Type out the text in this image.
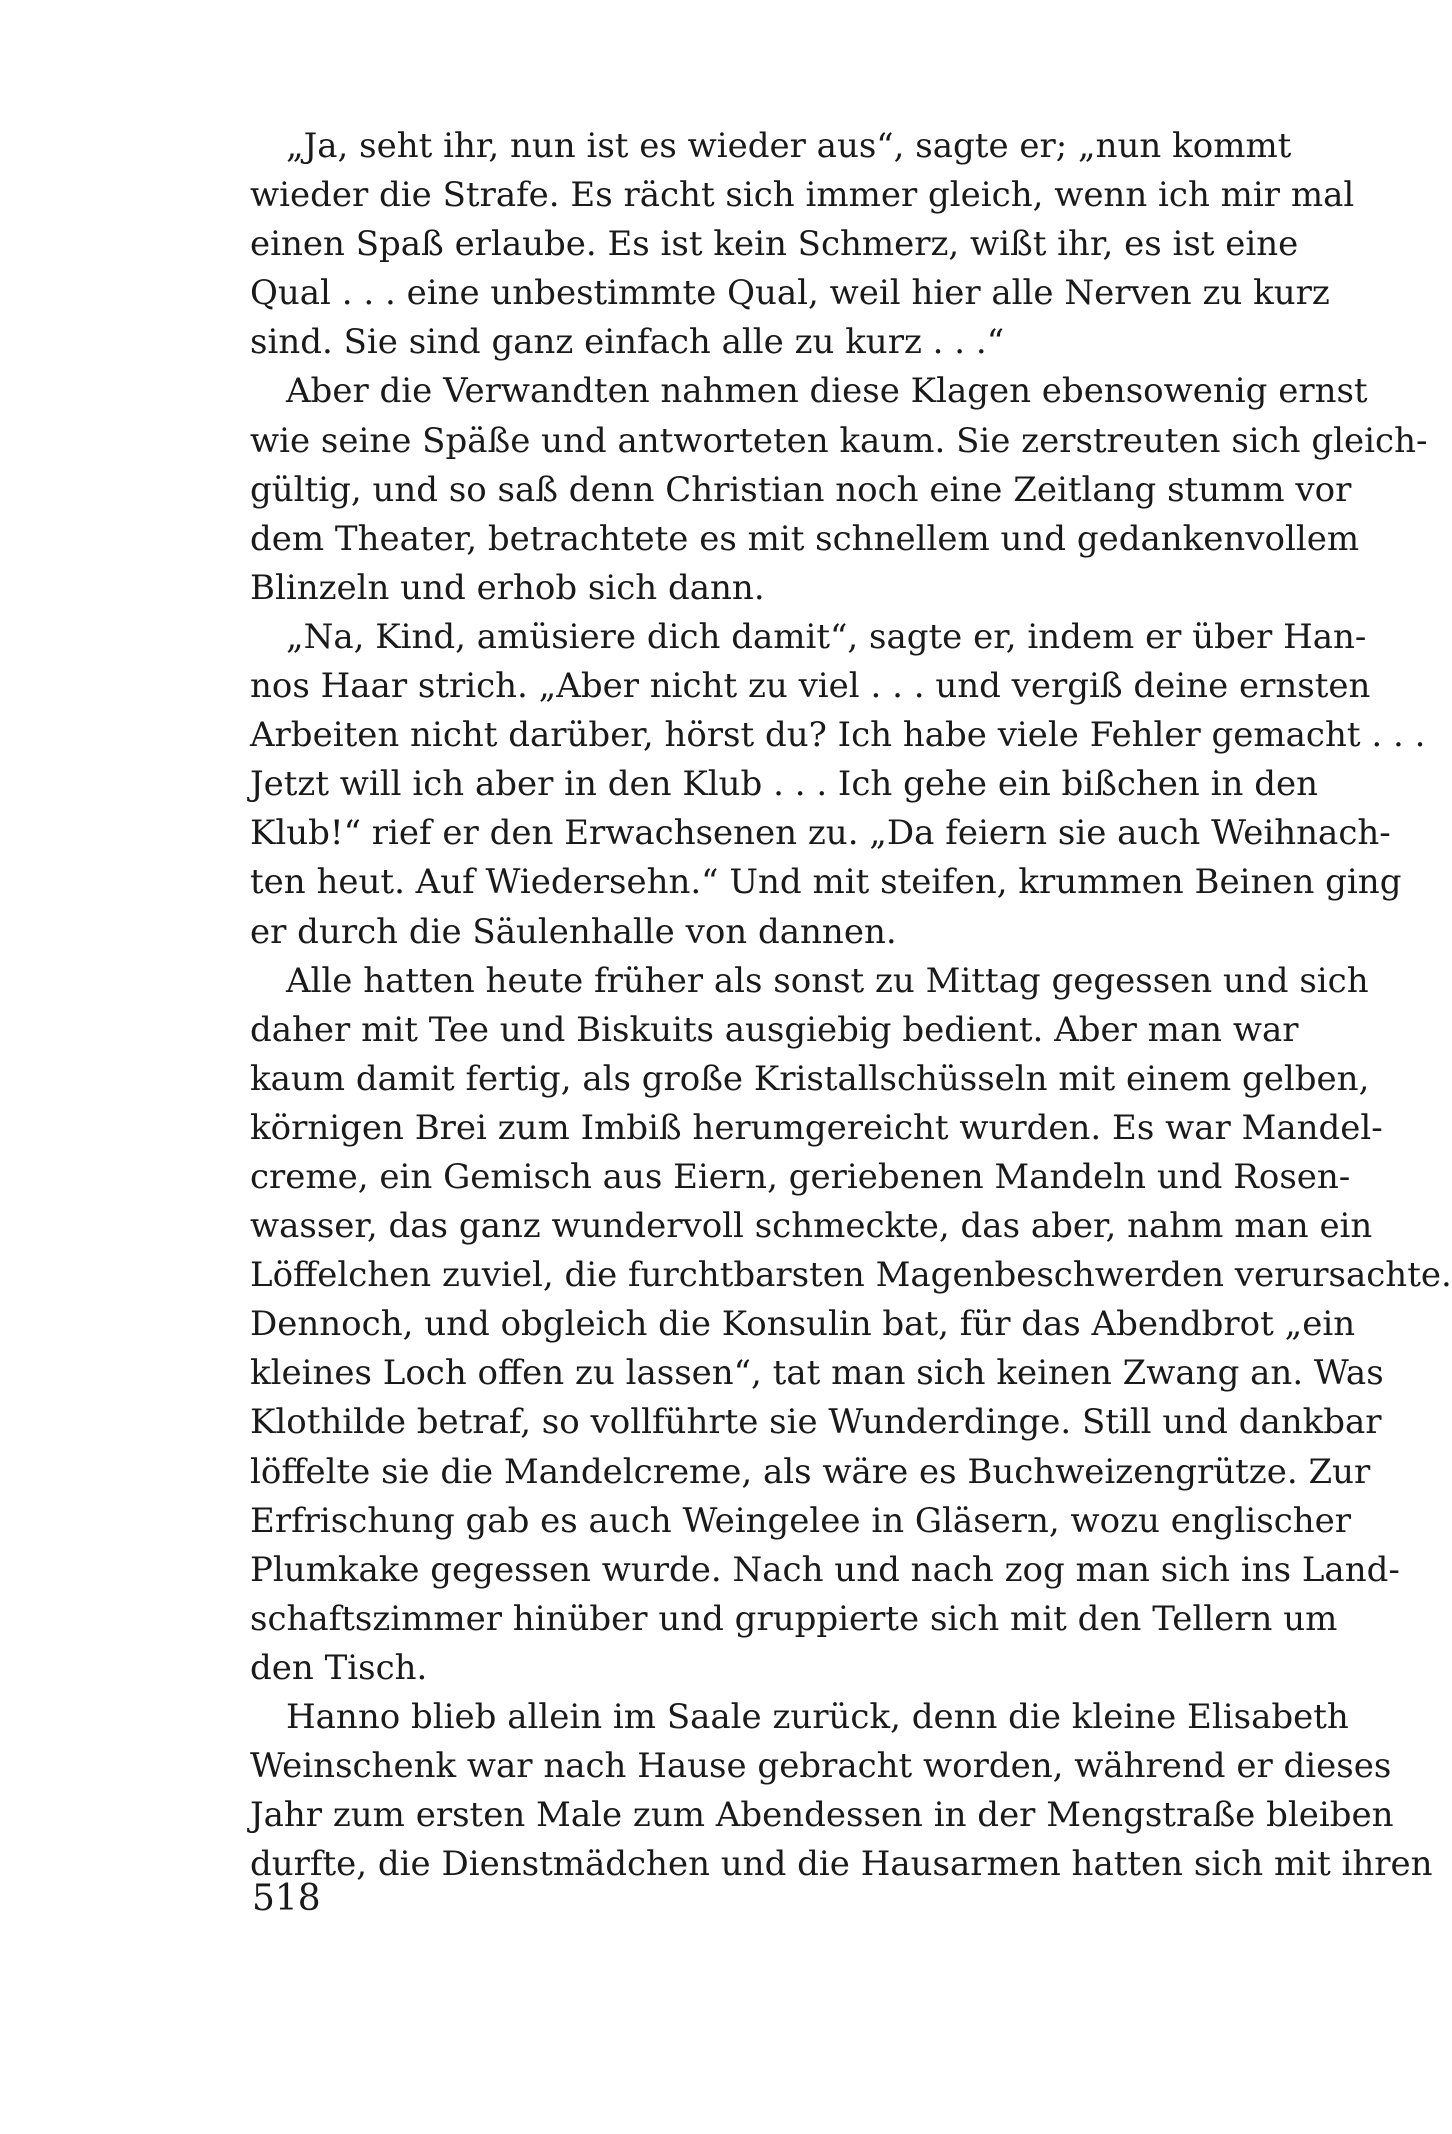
„Ja, seht ihr, nun ist es wieder aus“, sagte er; „nun kommt
wieder die Strafe. Es rächt sich immer gleich, wenn ich mir mal
einen Spaß erlaube. Es ist kein Schmerz, wißt ihr, es ist eine
Qual . . . eine unbestimmte Qual, weil hier alle Nerven zu kurz
sind. Sie sind ganz einfach alle zu kurz . . .“
Aber die Verwandten nahmen diese Klagen ebensowenig ernst
wie seine Späße und antworteten kaum. Sie zerstreuten sich gleich-
gültig, und so saß denn Christian noch eine Zeitlang stumm vor
dem Theater, betrachtete es mit schnellem und gedankenvollem
Blinzeln und erhob sich dann.
„Na, Kind, amüsiere dich damit“, sagte er, indem er über Han-
nos Haar strich. „Aber nicht zu viel . . . und vergiß deine ernsten
Arbeiten nicht darüber, hörst du? Ich habe viele Fehler gemacht . . .
Jetzt will ich aber in den Klub . . . Ich gehe ein bißchen in den
Klub!“ rief er den Erwachsenen zu. „Da feiern sie auch Weihnach-
ten heut. Auf Wiedersehn.“ Und mit steifen, krummen Beinen ging
er durch die Säulenhalle von dannen.
Alle hatten heute früher als sonst zu Mittag gegessen und sich
daher mit Tee und Biskuits ausgiebig bedient. Aber man war
kaum damit fertig, als große Kristallschüsseln mit einem gelben,
körnigen Brei zum Imbiß herumgereicht wurden. Es war Mandel-
creme, ein Gemisch aus Eiern, geriebenen Mandeln und Rosen-
wasser, das ganz wundervoll schmeckte, das aber, nahm man ein
Löffelchen zuviel, die furchtbarsten Magenbeschwerden verursachte.
Dennoch, und obgleich die Konsulin bat, für das Abendbrot „ein
kleines Loch offen zu lassen“, tat man sich keinen Zwang an. Was
Klothilde betraf, so vollführte sie Wunderdinge. Still und dankbar
löffelte sie die Mandelcreme, als wäre es Buchweizengrütze. Zur
Erfrischung gab es auch Weingelee in Gläsern, wozu englischer
Plumkake gegessen wurde. Nach und nach zog man sich ins Land-
schaftszimmer hinüber und gruppierte sich mit den Tellern um
den Tisch.
Hanno blieb allein im Saale zurück, denn die kleine Elisabeth
Weinschenk war nach Hause gebracht worden, während er dieses
Jahr zum ersten Male zum Abendessen in der Mengstraße bleiben
durfte, die Dienstmädchen und die Hausarmen hatten sich mit ihren
518
